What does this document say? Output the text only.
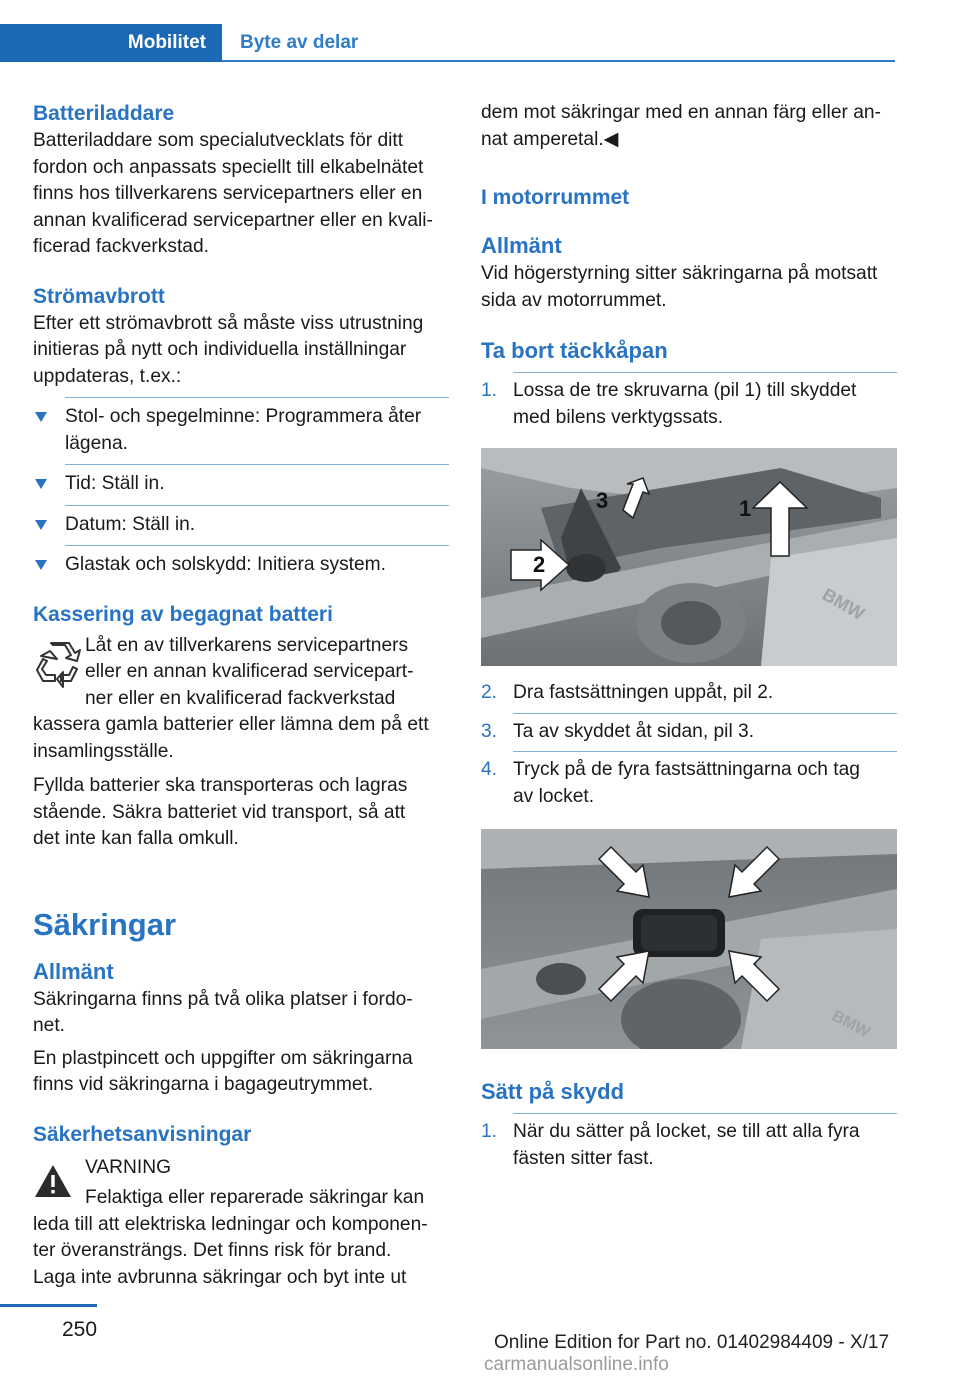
Mobilitet	Byte av delar
Batteriladdare
Batteriladdare som specialutvecklats för ditt
fordon och anpassats speciellt till elkabelnätet
finns hos tillverkarens servicepartners eller en
annan kvalificerad servicepartner eller en kvali‐
ficerad fackverkstad.
Strömavbrott
Efter ett strömavbrott så måste viss utrustning
initieras på nytt och individuella inställningar
uppdateras, t.ex.:
Stol- och spegelminne: Programmera åter
lägena.
Tid: Ställ in.
Datum: Ställ in.
Glastak och solskydd: Initiera system.
Kassering av begagnat batteri
Låt en av tillverkarens servicepartners
eller en annan kvalificerad servicepart‐
ner eller en kvalificerad fackverkstad
kassera gamla batterier eller lämna dem på ett
insamlingsställe.
Fyllda batterier ska transporteras och lagras
stående. Säkra batteriet vid transport, så att
det inte kan falla omkull.
Säkringar
Allmänt
Säkringarna finns på två olika platser i fordo‐
net.
En plastpincett och uppgifter om säkringarna
finns vid säkringarna i bagageutrymmet.
Säkerhetsanvisningar
VARNING
Felaktiga eller reparerade säkringar kan
leda till att elektriska ledningar och komponen‐
ter överansträngs. Det finns risk för brand.
Laga inte avbrunna säkringar och byt inte ut
dem mot säkringar med en annan färg eller an‐
nat amperetal.◀
I motorrummet
Allmänt
Vid högerstyrning sitter säkringarna på motsatt
sida av motorrummet.
Ta bort täckkåpan
1. Lossa de tre skruvarna (pil 1) till skyddet
med bilens verktygssats.
2
1
3
BMW
2. Dra fastsättningen uppåt, pil 2.
3. Ta av skyddet åt sidan, pil 3.
4. Tryck på de fyra fastsättningarna och tag
av locket.
BMW
Sätt på skydd
1. När du sätter på locket, se till att alla fyra
fästen sitter fast.
250
Online Edition for Part no. 01402984409 - X/17 carmanualsonline.info
